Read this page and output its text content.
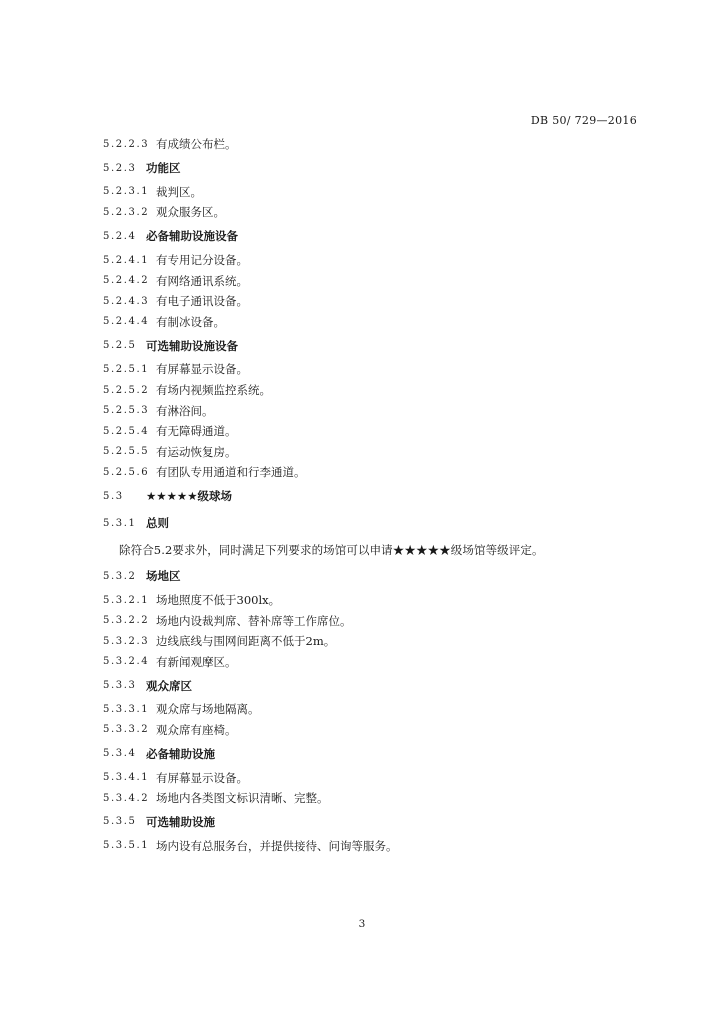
DB 50/ 729—2016
5.2.2.3 有成绩公布栏。
5.2.3 功能区
5.2.3.1 裁判区。
5.2.3.2 观众服务区。
5.2.4 必备辅助设施设备
5.2.4.1 有专用记分设备。
5.2.4.2 有网络通讯系统。
5.2.4.3 有电子通讯设备。
5.2.4.4 有制冰设备。
5.2.5 可选辅助设施设备
5.2.5.1 有屏幕显示设备。
5.2.5.2 有场内视频监控系统。
5.2.5.3 有淋浴间。
5.2.5.4 有无障碍通道。
5.2.5.5 有运动恢复房。
5.2.5.6 有团队专用通道和行李通道。
5.3	★★★★★级球场
5.3.1 总则
除符合5.2要求外，同时满足下列要求的场馆可以申请★★★★★级场馆等级评定。
5.3.2 场地区
5.3.2.1 场地照度不低于300lx。
5.3.2.2 场地内设裁判席、替补席等工作席位。
5.3.2.3 边线底线与围网间距离不低于2m。
5.3.2.4 有新闻观摩区。
5.3.3 观众席区
5.3.3.1 观众席与场地隔离。
5.3.3.2 观众席有座椅。
5.3.4 必备辅助设施
5.3.4.1 有屏幕显示设备。
5.3.4.2 场地内各类图文标识清晰、完整。
5.3.5 可选辅助设施
5.3.5.1 场内设有总服务台，并提供接待、问询等服务。
3
